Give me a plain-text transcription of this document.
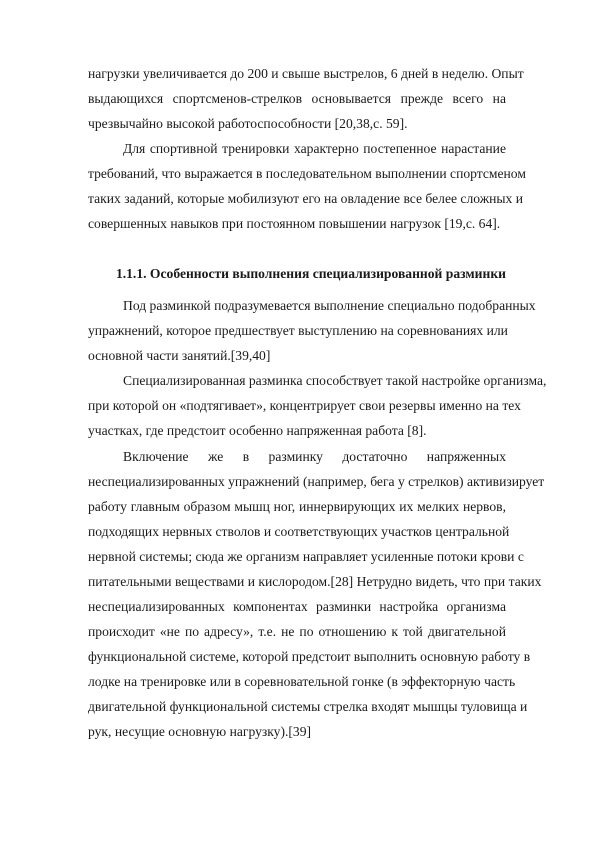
нагрузки увеличивается до 200 и свыше выстрелов, 6 дней в неделю. Опыт
выдающихся спортсменов-стрелков основывается прежде всего на
чрезвычайно высокой работоспособности [20,38,с. 59].
Для спортивной тренировки характерно постепенное нарастание
требований, что выражается в последовательном выполнении спортсменом
таких заданий, которые мобилизуют его на овладение все белее сложных и
совершенных навыков при постоянном повышении нагрузок [19,с. 64].
1.1.1. Особенности выполнения специализированной разминки
Под разминкой подразумевается выполнение специально подобранных
упражнений, которое предшествует выступлению на соревнованиях или
основной части занятий.[39,40]
Специализированная разминка способствует такой настройке организма,
при которой он «подтягивает», концентрирует свои резервы именно на тех
участках, где предстоит особенно напряженная работа [8].
Включение же в разминку достаточно напряженных
неспециализированных упражнений (например, бега у стрелков) активизирует
работу главным образом мышц ног, иннервирующих их мелких нервов,
подходящих нервных стволов и соответствующих участков центральной
нервной системы; сюда же организм направляет усиленные потоки крови с
питательными веществами и кислородом.[28] Нетрудно видеть, что при таких
неспециализированных компонентах разминки настройка организма
происходит «не по адресу», т.е. не по отношению к той двигательной
функциональной системе, которой предстоит выполнить основную работу в
лодке на тренировке или в соревновательной гонке (в эффекторную часть
двигательной функциональной системы стрелка входят мышцы туловища и
рук, несущие основную нагрузку).[39]
